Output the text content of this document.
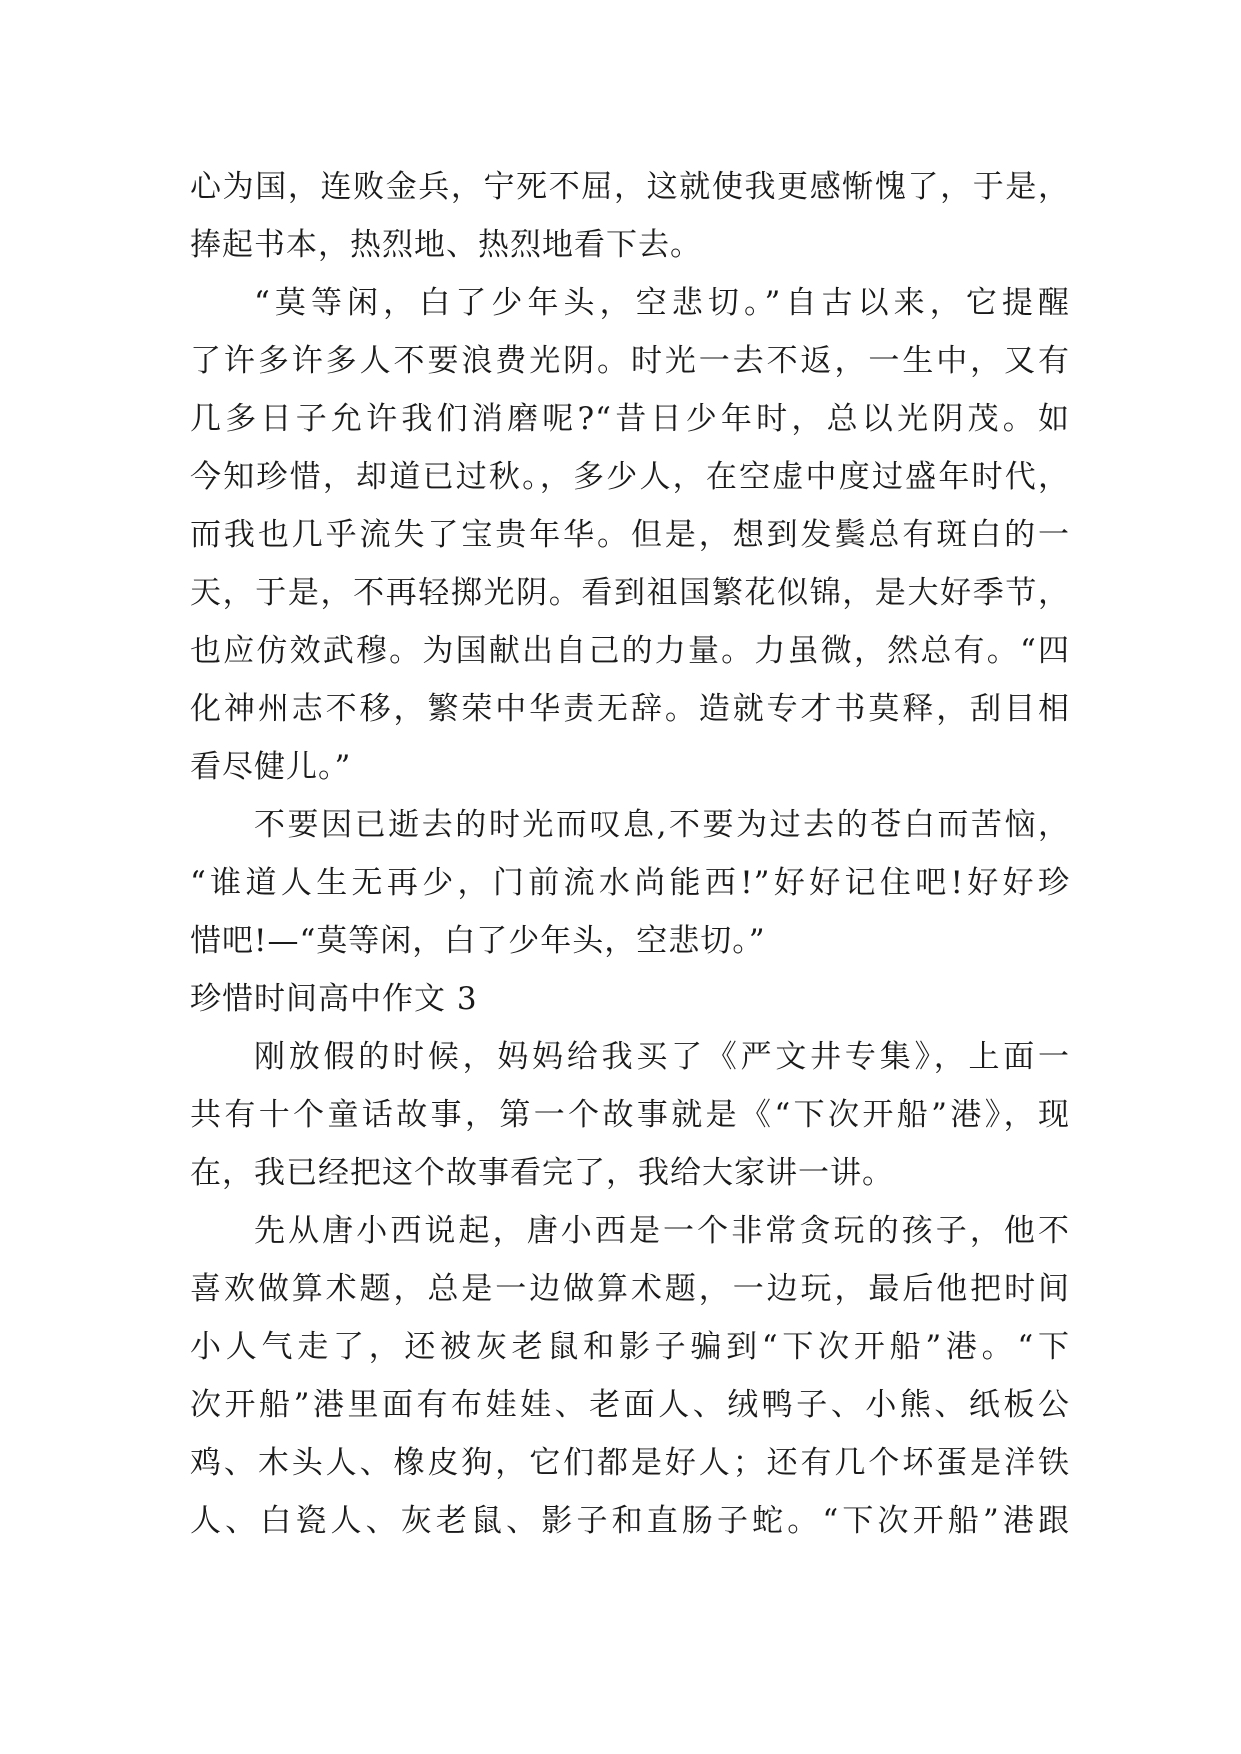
心为国，连败金兵，宁死不屈，这就使我更感惭愧了，于是，
捧起书本，热烈地、热烈地看下去。
“莫等闲，白了少年头，空悲切。”自古以来，它提醒
了许多许多人不要浪费光阴。时光一去不返，一生中，又有
几多日子允许我们消磨呢?“昔日少年时，总以光阴茂。如
今知珍惜，却道已过秋。，多少人，在空虚中度过盛年时代，
而我也几乎流失了宝贵年华。但是，想到发鬓总有斑白的一
天，于是，不再轻掷光阴。看到祖国繁花似锦，是大好季节，
也应仿效武穆。为国献出自己的力量。力虽微，然总有。“四
化神州志不移，繁荣中华责无辞。造就专才书莫释，刮目相
看尽健儿。”
不要因已逝去的时光而叹息,不要为过去的苍白而苦恼，
“谁道人生无再少，门前流水尚能西!”好好记住吧!好好珍
惜吧!—“莫等闲，白了少年头，空悲切。”
珍惜时间高中作文 3
刚放假的时候，妈妈给我买了《严文井专集》，上面一
共有十个童话故事，第一个故事就是《“下次开船”港》，现
在，我已经把这个故事看完了，我给大家讲一讲。
先从唐小西说起，唐小西是一个非常贪玩的孩子，他不
喜欢做算术题，总是一边做算术题，一边玩，最后他把时间
小人气走了，还被灰老鼠和影子骗到“下次开船”港。“下
次开船”港里面有布娃娃、老面人、绒鸭子、小熊、纸板公
鸡、木头人、橡皮狗，它们都是好人；还有几个坏蛋是洋铁
人、白瓷人、灰老鼠、影子和直肠子蛇。“下次开船”港跟
